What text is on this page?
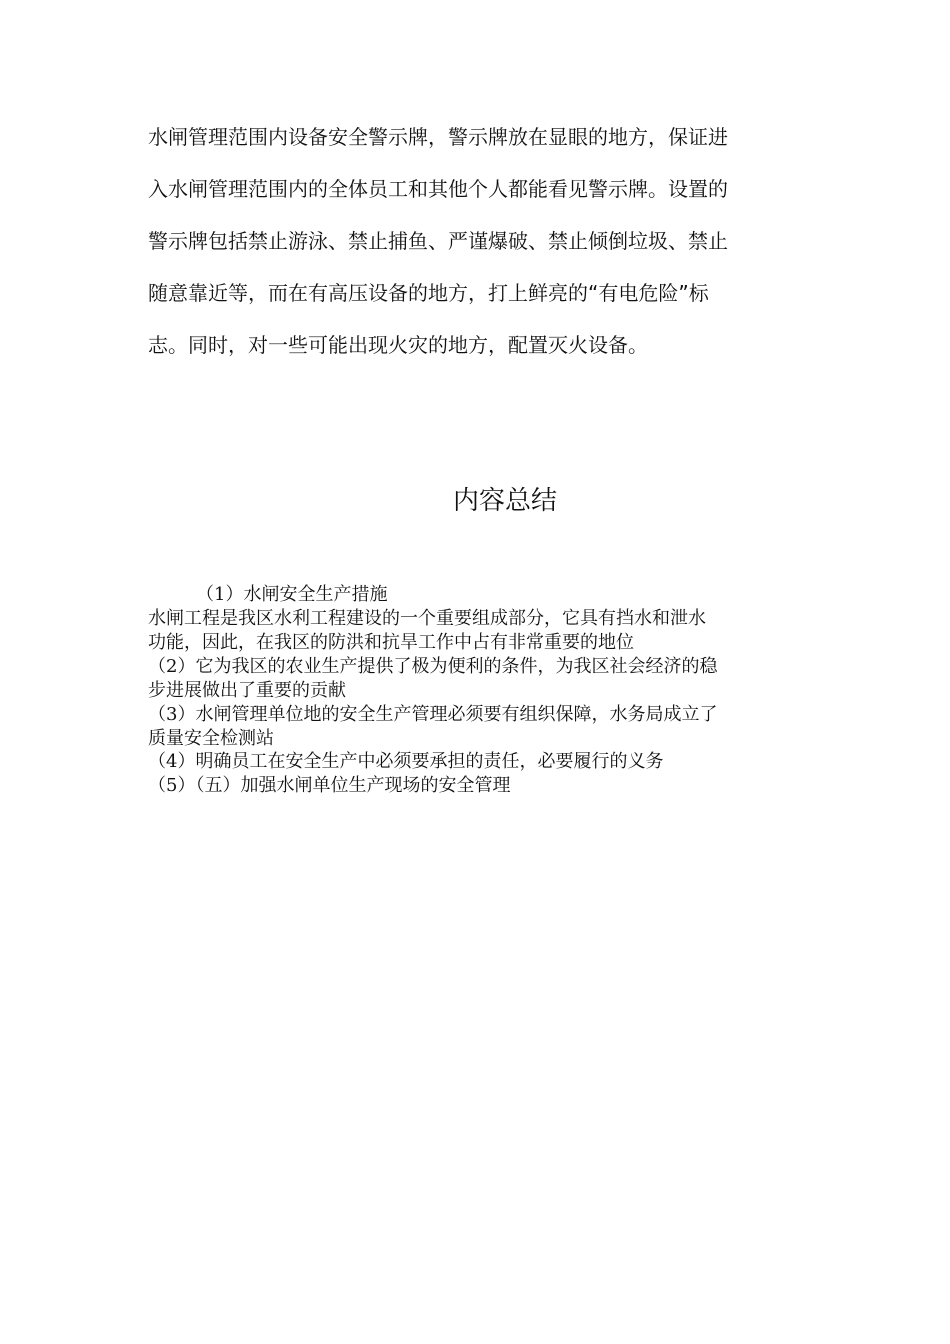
水闸管理范围内设备安全警示牌，警示牌放在显眼的地方，保证进
入水闸管理范围内的全体员工和其他个人都能看见警示牌。设置的
警示牌包括禁止游泳、禁止捕鱼、严谨爆破、禁止倾倒垃圾、禁止
随意靠近等，而在有高压设备的地方，打上鲜亮的“有电危险”标
志。同时，对一些可能出现火灾的地方，配置灭火设备。
内容总结
（1）水闸安全生产措施
水闸工程是我区水利工程建设的一个重要组成部分，它具有挡水和泄水
功能，因此，在我区的防洪和抗旱工作中占有非常重要的地位
（2）它为我区的农业生产提供了极为便利的条件，为我区社会经济的稳
步进展做出了重要的贡献
（3）水闸管理单位地的安全生产管理必须要有组织保障，水务局成立了
质量安全检测站
（4）明确员工在安全生产中必须要承担的责任，必要履行的义务
（5）（五）加强水闸单位生产现场的安全管理
